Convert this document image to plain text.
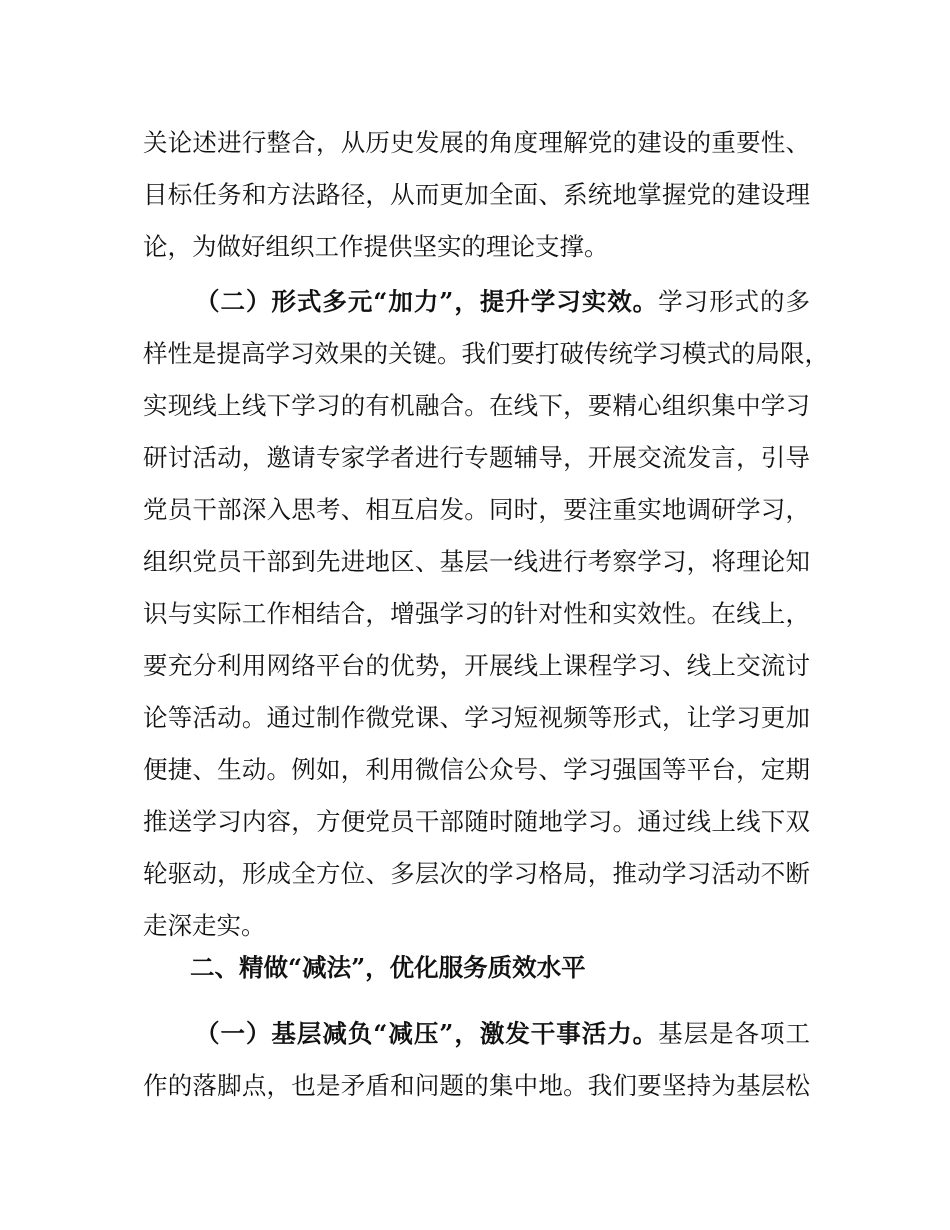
关论述进行整合，从历史发展的角度理解党的建设的重要性、
目标任务和方法路径，从而更加全面、系统地掌握党的建设理
论，为做好组织工作提供坚实的理论支撑。
（二）形式多元“加力”，提升学习实效。学习形式的多
样性是提高学习效果的关键。我们要打破传统学习模式的局限，
实现线上线下学习的有机融合。在线下，要精心组织集中学习
研讨活动，邀请专家学者进行专题辅导，开展交流发言，引导
党员干部深入思考、相互启发。同时，要注重实地调研学习，
组织党员干部到先进地区、基层一线进行考察学习，将理论知
识与实际工作相结合，增强学习的针对性和实效性。在线上，
要充分利用网络平台的优势，开展线上课程学习、线上交流讨
论等活动。通过制作微党课、学习短视频等形式，让学习更加
便捷、生动。例如，利用微信公众号、学习强国等平台，定期
推送学习内容，方便党员干部随时随地学习。通过线上线下双
轮驱动，形成全方位、多层次的学习格局，推动学习活动不断
走深走实。
二、精做“减法”，优化服务质效水平
（一）基层减负“减压”，激发干事活力。基层是各项工
作的落脚点，也是矛盾和问题的集中地。我们要坚持为基层松
